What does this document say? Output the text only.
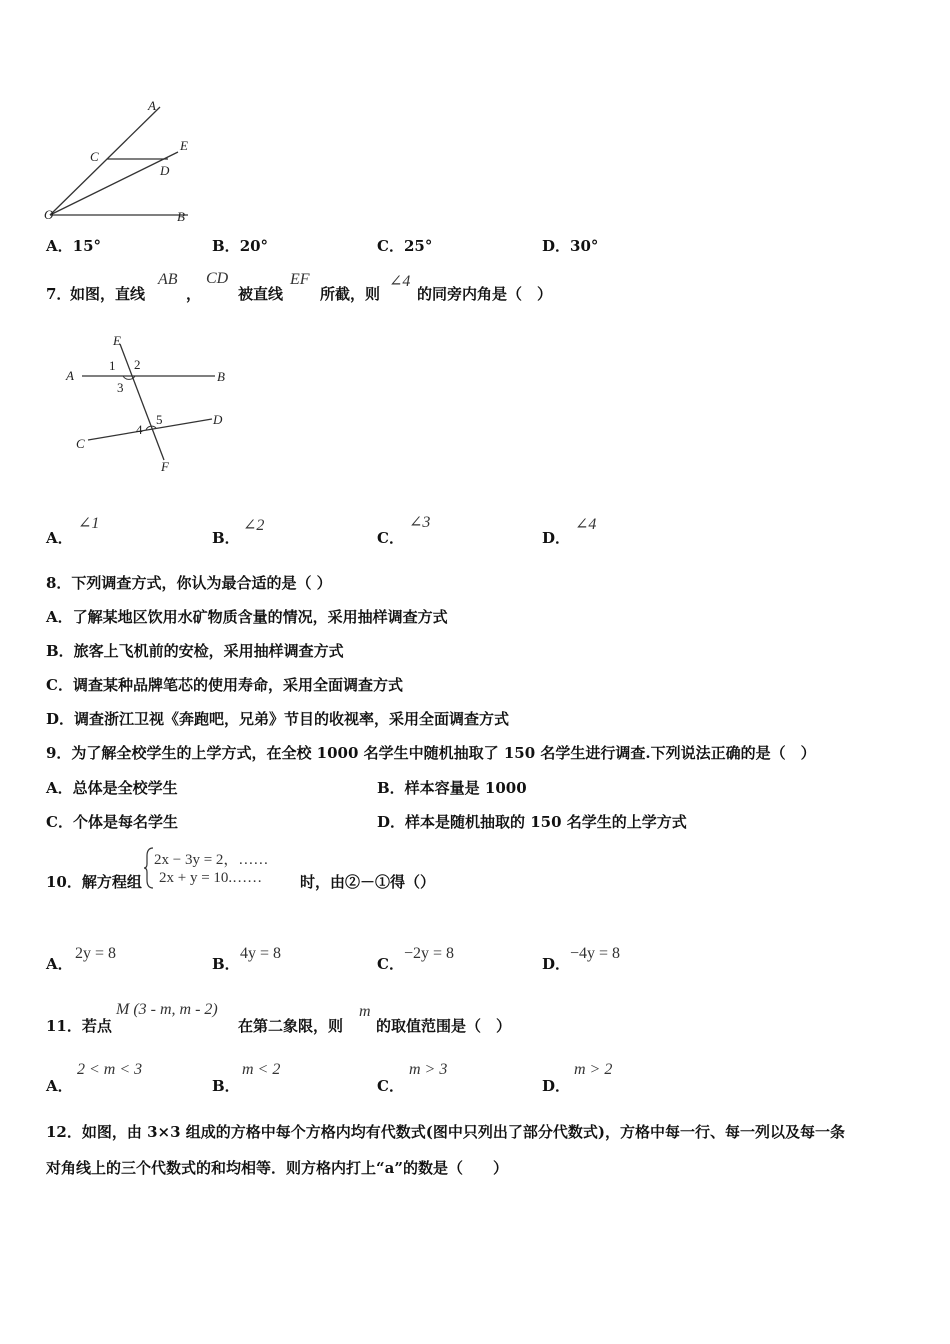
A
E
C
D
O	B
A．15°	B．20°	C．25°	D．30°
7．
如图，直线
AB
，
CD
被直线
EF
所截，则
∠4
的同旁内角是（　）
E
A	B
C
D
F
1 2
3
4
5
A．
∠1
B．
∠2
C．
∠3
D．
∠4
8．下列调查方式，你认为最合适的是（ ）
A．了解某地区饮用水矿物质含量的情况，采用抽样调查方式
B．旅客上飞机前的安检，采用抽样调查方式
C．调查某种品牌笔芯的使用寿命，采用全面调查方式
D．调查浙江卫视《奔跑吧，兄弟》节目的收视率，采用全面调查方式
9．为了解全校学生的上学方式，在全校 1000 名学生中随机抽取了 150 名学生进行调查.下列说法正确的是（　）
A．总体是全校学生	B．样本容量是 1000
C．个体是每名学生	D．样本是随机抽取的 150 名学生的上学方式
10．解方程组
2x − 3y = 2，……
2x + y = 10.……	时，由②－①得（）
A．
2y = 8
B．
4y = 8
C．
−2y = 8
D．
−4y = 8
11．若点
M (3 - m, m - 2)
在第二象限，则
m
的取值范围是（　）
A．
2 < m < 3
B．
m < 2
C．
m > 3
D．
m > 2
12．如图，由 3×3 组成的方格中每个方格内均有代数式(图中只列出了部分代数式)，方格中每一行、每一列以及每一条
对角线上的三个代数式的和均相等．则方格内打上“a”的数是（　　）
